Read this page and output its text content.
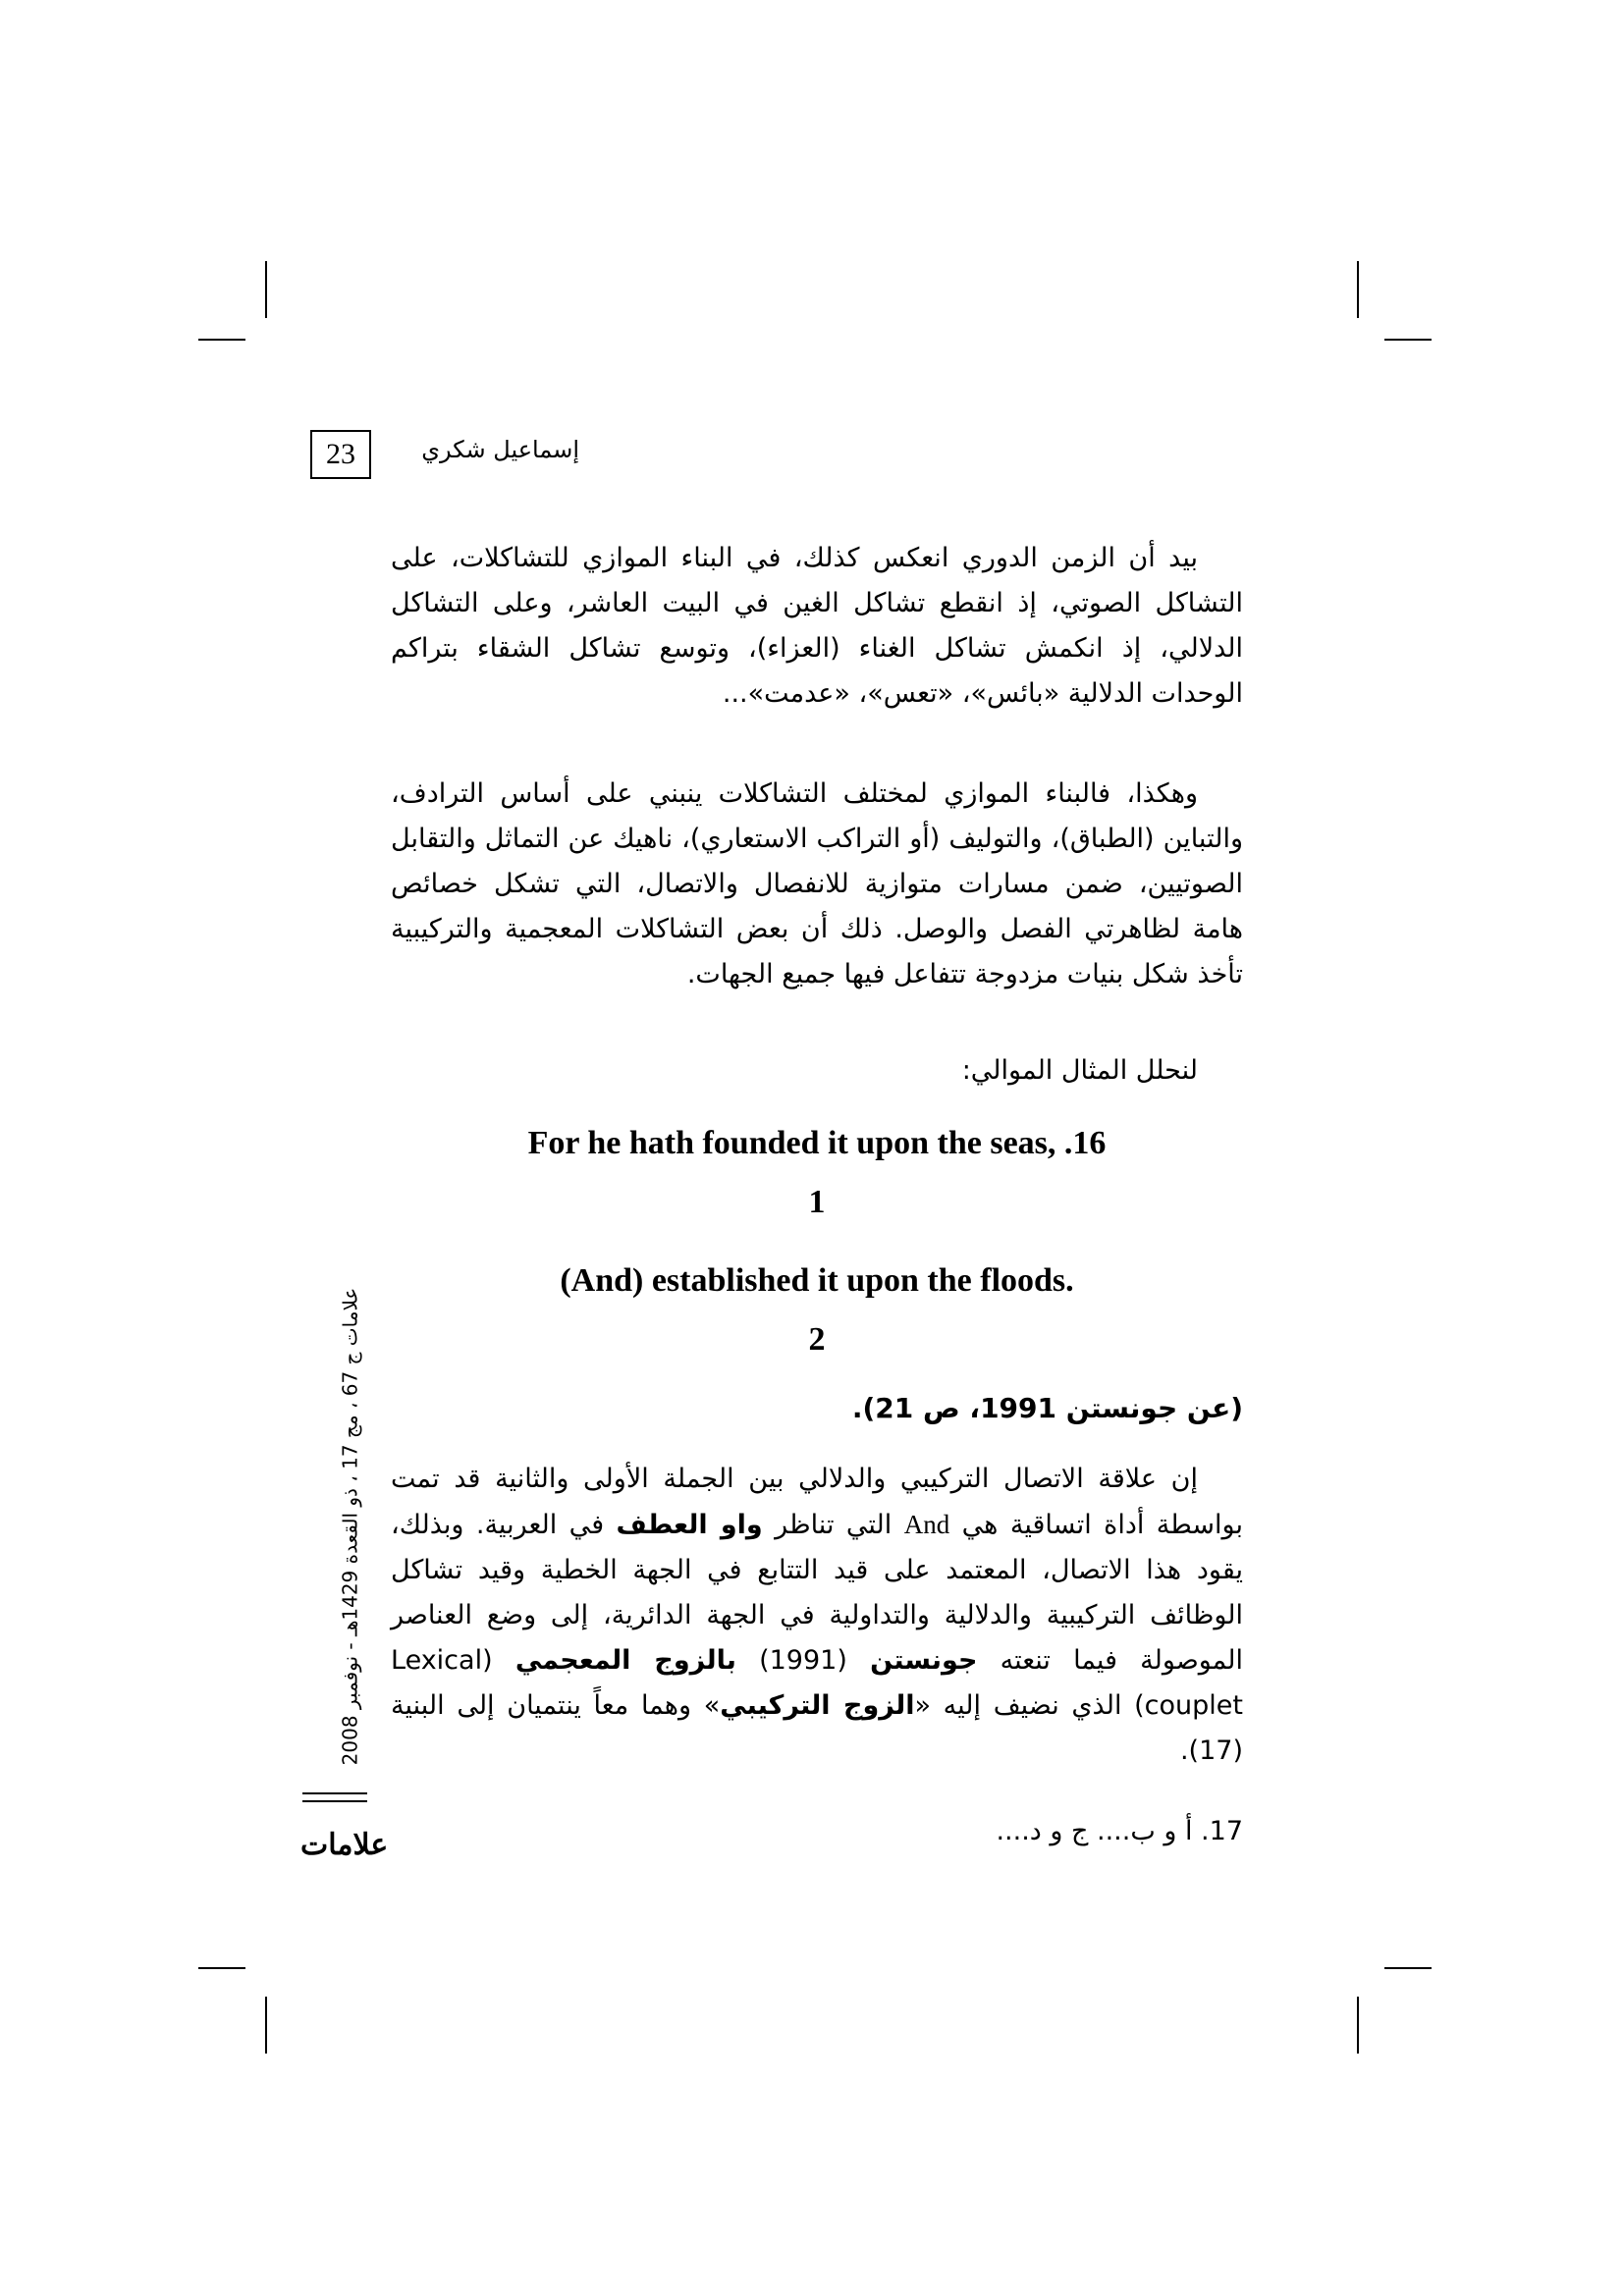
23	إسماعيل شكري

بيد أن الزمن الدوري انعكس كذلك، في البناء الموازي للتشاكلات، على التشاكل الصوتي، إذ انقطع تشاكل الغين في البيت العاشر، وعلى التشاكل الدلالي، إذ انكمش تشاكل الغناء (العزاء)، وتوسع تشاكل الشقاء بتراكم الوحدات الدلالية «بائس»، «تعس»، «عدمت»...

وهكذا، فالبناء الموازي لمختلف التشاكلات ينبني على أساس الترادف، والتباين (الطباق)، والتوليف (أو التراكب الاستعاري)، ناهيك عن التماثل والتقابل الصوتيين، ضمن مسارات متوازية للانفصال والاتصال، التي تشكل خصائص هامة لظاهرتي الفصل والوصل. ذلك أن بعض التشاكلات المعجمية والتركيبية تأخذ شكل بنيات مزدوجة تتفاعل فيها جميع الجهات.

لنحلل المثال الموالي:

For he hath founded it upon the seas, .16
1
(And) established it upon the floods.
2
(عن جونستن 1991، ص 21).

إن علاقة الاتصال التركيبي والدلالي بين الجملة الأولى والثانية قد تمت بواسطة أداة اتساقية هي And التي تناظر واو العطف في العربية. وبذلك، يقود هذا الاتصال، المعتمد على قيد التتابع في الجهة الخطية وقيد تشاكل الوظائف التركيبية والدلالية والتداولية في الجهة الدائرية، إلى وضع العناصر الموصولة فيما تنعته جونستن (1991) بالزوج المعجمي (Lexical couplet) الذي نضيف إليه «الزوج التركيبي» وهما معاً ينتميان إلى البنية (17).

17. أ و ب.... ج و د....
علامات ج 67 ، مج 17 ، ذو القعدة 1429هـ - نوفمبر 2008
علامات
